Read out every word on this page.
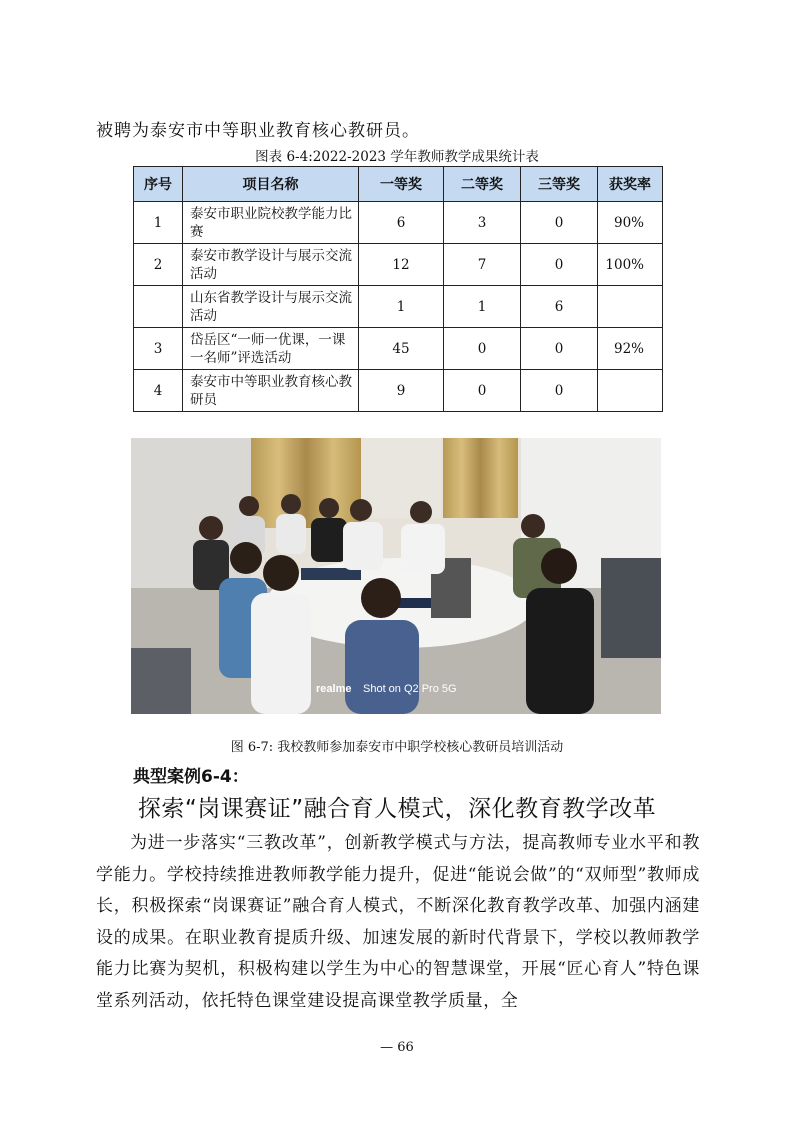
被聘为泰安市中等职业教育核心教研员。
图表 6-4:2022-2023 学年教师教学成果统计表
序号	项目名称	一等奖	二等奖	三等奖	获奖率
1	泰安市职业院校教学能力比赛	6	3	0	90%
2	泰安市教学设计与展示交流活动	12	7	0	100%
	山东省教学设计与展示交流活动	1	1	6	
3	岱岳区“一师一优课，一课一名师”评选活动	45	0	0	92%
4	泰安市中等职业教育核心教研员	9	0	0	
realme Shot on Q2 Pro 5G
图 6-7: 我校教师参加泰安市中职学校核心教研员培训活动
典型案例6-4：
探索“岗课赛证”融合育人模式，深化教育教学改革
为进一步落实“三教改革”，创新教学模式与方法，提高教师专业水平和教学能力。学校持续推进教师教学能力提升，促进“能说会做”的“双师型”教师成长，积极探索“岗课赛证”融合育人模式，不断深化教育教学改革、加强内涵建设的成果。在职业教育提质升级、加速发展的新时代背景下，学校以教师教学能力比赛为契机，积极构建以学生为中心的智慧课堂，开展“匠心育人”特色课堂系列活动，依托特色课堂建设提高课堂教学质量，全
— 66
